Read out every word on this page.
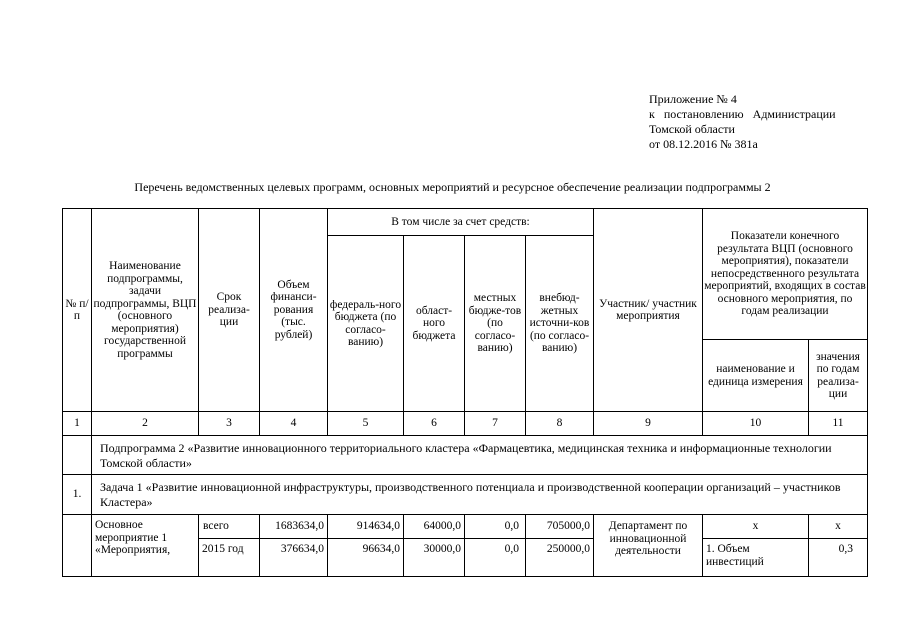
Приложение № 4
к   постановлению   Администрации
Томской области
от 08.12.2016 № 381а
Перечень ведомственных целевых программ, основных мероприятий и ресурсное обеспечение реализации подпрограммы 2
№ п/п	Наименование подпрограммы, задачи подпрограммы, ВЦП (основного мероприятия) государственной программы	Срок реализа-ции	Объем финанси-рования (тыс. рублей)	В том числе за счет средств:				Участник/ участник мероприятия	Показатели конечного результата ВЦП (основного мероприятия), показатели непосредственного результата мероприятий, входящих в состав основного мероприятия, по годам реализации	
				федераль-ного бюджета (по согласо-ванию)	област-ного бюджета	местных бюдже-тов (по согласо-ванию)	внебюд-жетных источни-ков (по согласо-ванию)			
									наименование и единица измерения	значения по годам реализа-ции
1	2	3	4	5	6	7	8	9	10	11
	Подпрограмма 2 «Развитие инновационного территориального кластера «Фармацевтика, медицинская техника и информационные технологии Томской области»									
1.	Задача 1 «Развитие инновационной инфраструктуры, производственного потенциала и производственной кооперации организаций – участников Кластера»									
	Основное мероприятие 1 «Мероприятия,	всего	1683634,0	914634,0	64000,0	0,0	705000,0	Департамент по инновационной деятельности	х	х
		2015 год	376634,0	96634,0	30000,0	0,0	250000,0		1. Объем инвестиций	0,3
